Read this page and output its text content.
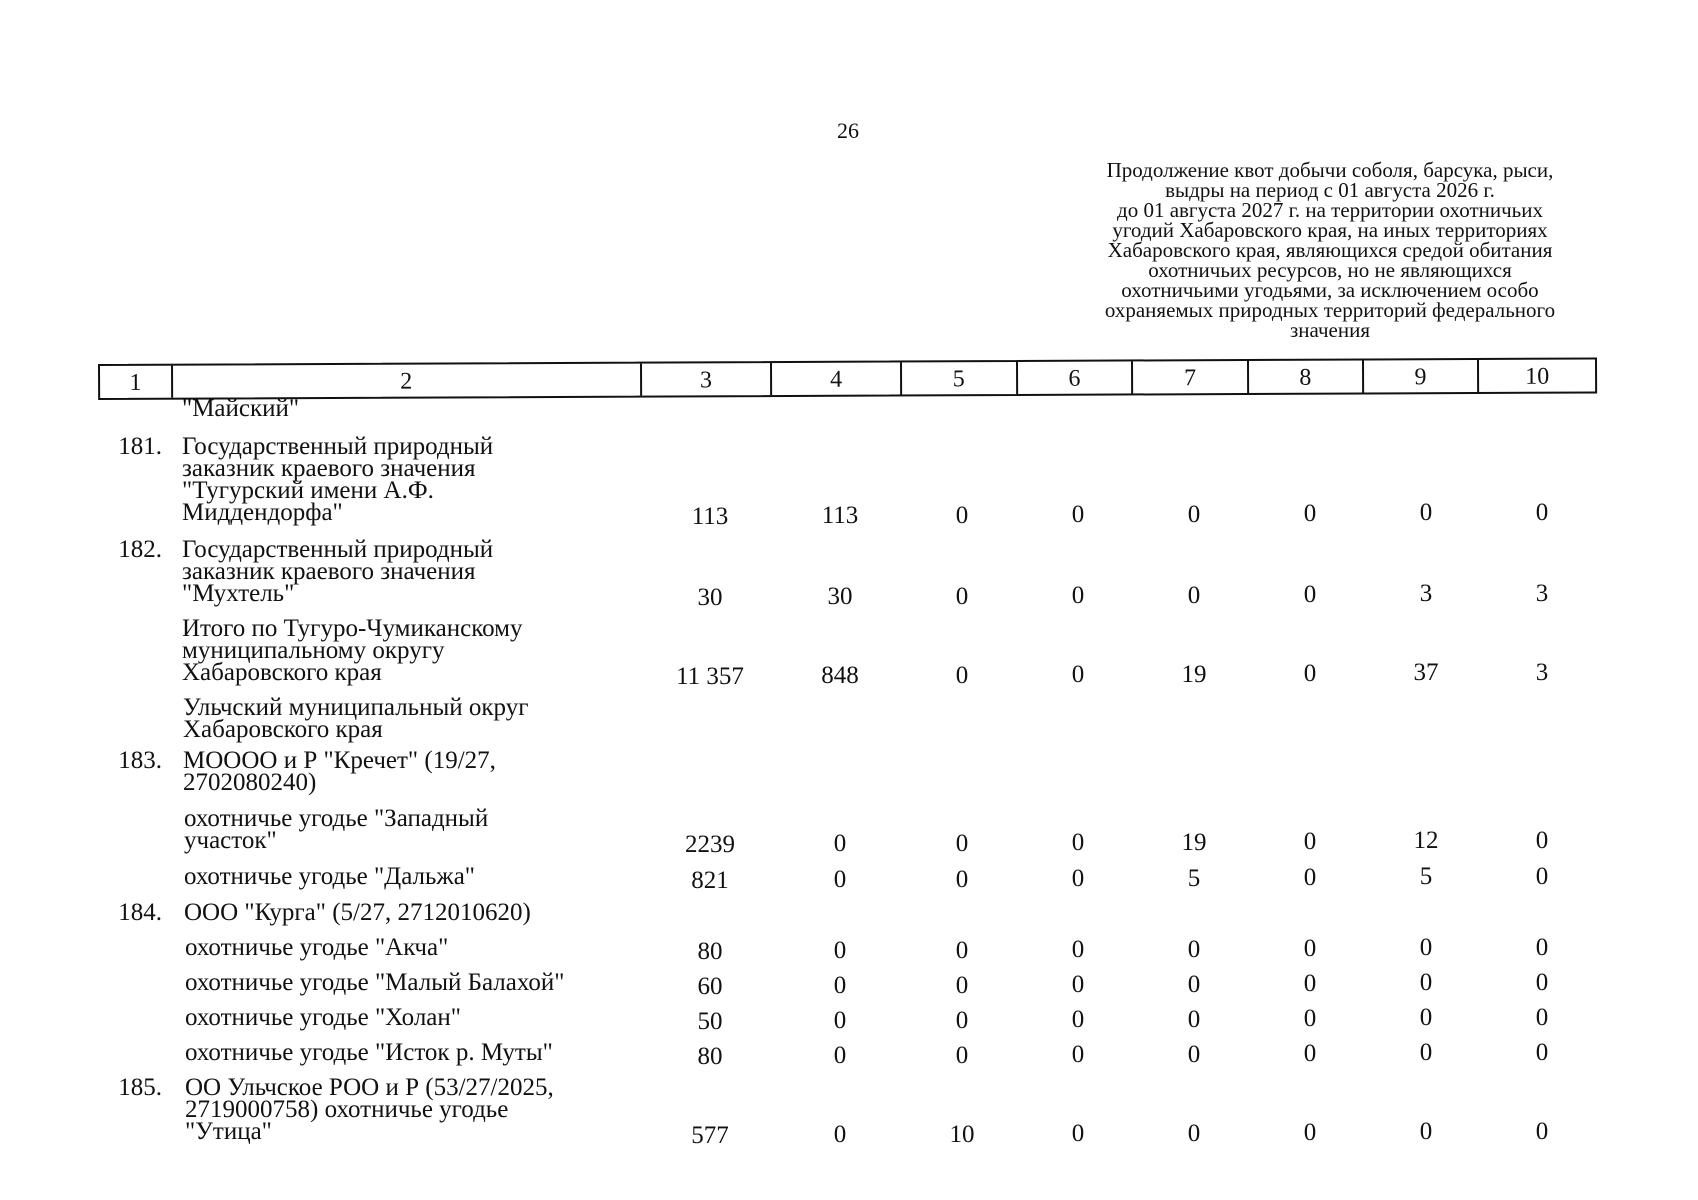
26
Продолжение квот добычи соболя, барсука, рыси,
выдры на период с 01 августа 2026 г.
до 01 августа 2027 г. на территории охотничьих
угодий Хабаровского края, на иных территориях
Хабаровского края, являющихся средой обитания
охотничьих ресурсов, но не являющихся
охотничьими угодьями, за исключением особо
охраняемых природных территорий федерального
значения
1	2	3	4	5	6	7	8	9	10
"Майский"
181. Государственный природный
заказник краевого значения
"Тугурский имени А.Ф.
Миддендорфа"	113	113	0	0	0	0	0	0
182. Государственный природный
заказник краевого значения
"Мухтель"	30	30	0	0	0	0	3	3
Итого по Тугуро-Чумиканскому
муниципальному округу
Хабаровского края	11 357	848	0	0	19	0	37	3
Ульчский муниципальный округ
Хабаровского края
183. МОООО и Р "Кречет" (19/27,
2702080240)
охотничье угодье "Западный
участок"	2239	0	0	0	19	0	12	0
охотничье угодье "Дальжа"	821	0	0	0	5	0	5	0
184. ООО "Курга" (5/27, 2712010620)
охотничье угодье "Акча"	80	0	0	0	0	0	0	0
охотничье угодье "Малый Балахой"	60	0	0	0	0	0	0	0
охотничье угодье "Холан"	50	0	0	0	0	0	0	0
охотничье угодье "Исток р. Муты"	80	0	0	0	0	0	0	0
185. ОО Ульчское РОО и Р (53/27/2025,
2719000758) охотничье угодье
"Утица"	577	0	10	0	0	0	0	0
